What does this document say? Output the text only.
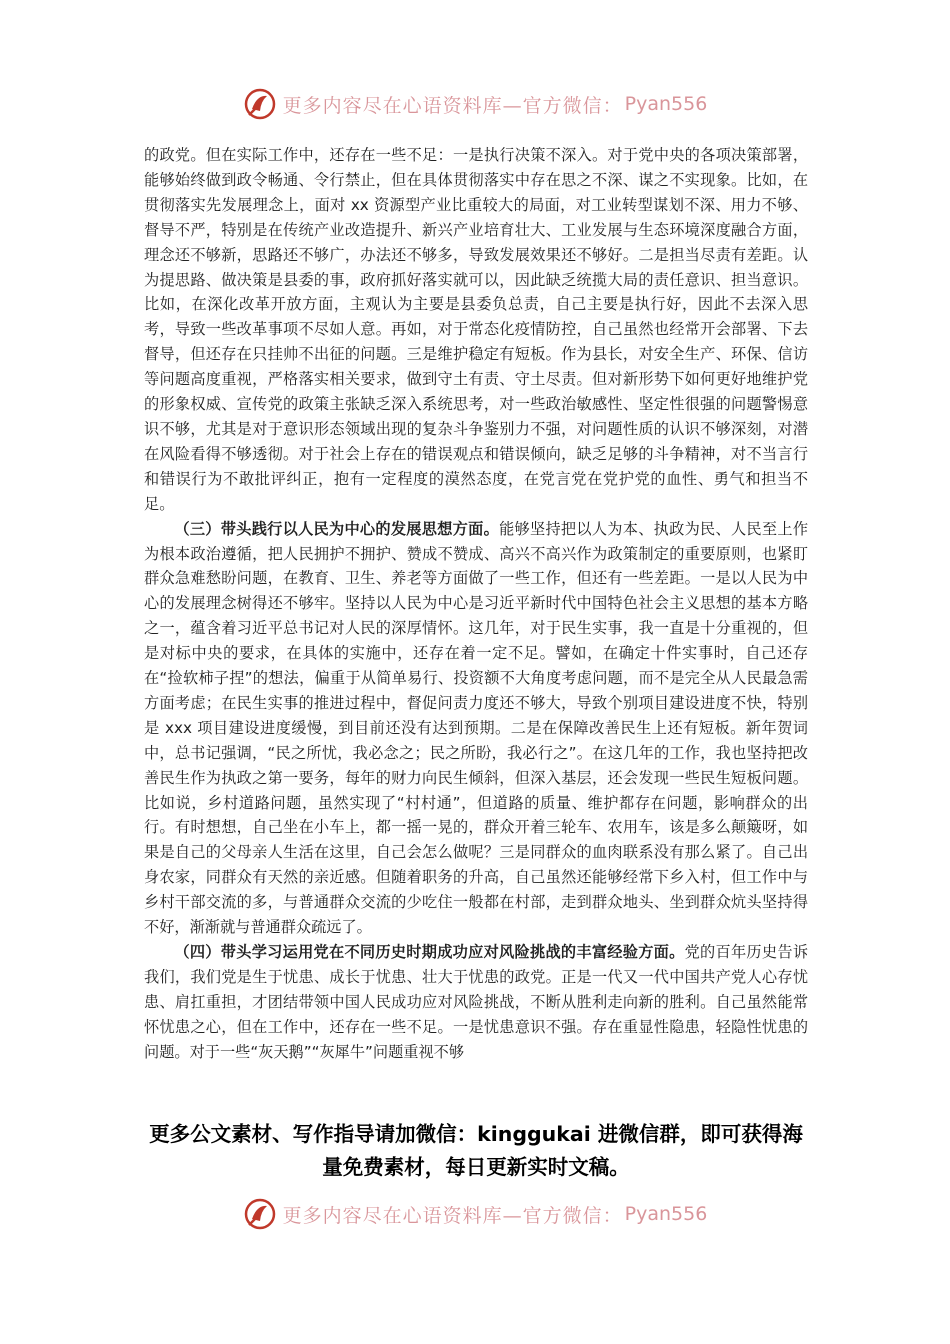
更多内容尽在心语资料库—官方微信： Pyan556

的政党。但在实际工作中，还存在一些不足：一是执行决策不深入。对于党中央的各项决策部署，能够始终做到政令畅通、令行禁止，但在具体贯彻落实中存在思之不深、谋之不实现象。比如，在贯彻落实先发展理念上，面对 xx 资源型产业比重较大的局面，对工业转型谋划不深、用力不够、督导不严，特别是在传统产业改造提升、新兴产业培育壮大、工业发展与生态环境深度融合方面，理念还不够新，思路还不够广，办法还不够多，导致发展效果还不够好。二是担当尽责有差距。认为提思路、做决策是县委的事，政府抓好落实就可以，因此缺乏统揽大局的责任意识、担当意识。比如，在深化改革开放方面，主观认为主要是县委负总责，自己主要是执行好，因此不去深入思考，导致一些改革事项不尽如人意。再如，对于常态化疫情防控，自己虽然也经常开会部署、下去督导，但还存在只挂帅不出征的问题。三是维护稳定有短板。作为县长，对安全生产、环保、信访等问题高度重视，严格落实相关要求，做到守土有责、守土尽责。但对新形势下如何更好地维护党的形象权威、宣传党的政策主张缺乏深入系统思考，对一些政治敏感性、坚定性很强的问题警惕意识不够，尤其是对于意识形态领域出现的复杂斗争鉴别力不强，对问题性质的认识不够深刻，对潜在风险看得不够透彻。对于社会上存在的错误观点和错误倾向，缺乏足够的斗争精神，对不当言行和错误行为不敢批评纠正，抱有一定程度的漠然态度，在党言党在党护党的血性、勇气和担当不足。

（三）带头践行以人民为中心的发展思想方面。能够坚持把以人为本、执政为民、人民至上作为根本政治遵循，把人民拥护不拥护、赞成不赞成、高兴不高兴作为政策制定的重要原则，也紧盯群众急难愁盼问题，在教育、卫生、养老等方面做了一些工作，但还有一些差距。一是以人民为中心的发展理念树得还不够牢。坚持以人民为中心是习近平新时代中国特色社会主义思想的基本方略之一，蕴含着习近平总书记对人民的深厚情怀。这几年，对于民生实事，我一直是十分重视的，但是对标中央的要求，在具体的实施中，还存在着一定不足。譬如，在确定十件实事时，自己还存在“捡软柿子捏”的想法，偏重于从简单易行、投资额不大角度考虑问题，而不是完全从人民最急需方面考虑；在民生实事的推进过程中，督促问责力度还不够大，导致个别项目建设进度不快，特别是 xxx 项目建设进度缓慢，到目前还没有达到预期。二是在保障改善民生上还有短板。新年贺词中，总书记强调，“民之所忧，我必念之；民之所盼，我必行之”。在这几年的工作，我也坚持把改善民生作为执政之第一要务，每年的财力向民生倾斜，但深入基层，还会发现一些民生短板问题。比如说，乡村道路问题，虽然实现了“村村通”，但道路的质量、维护都存在问题，影响群众的出行。有时想想，自己坐在小车上，都一摇一晃的，群众开着三轮车、农用车，该是多么颠簸呀，如果是自己的父母亲人生活在这里，自己会怎么做呢？三是同群众的血肉联系没有那么紧了。自己出身农家，同群众有天然的亲近感。但随着职务的升高，自己虽然还能够经常下乡入村，但工作中与乡村干部交流的多，与普通群众交流的少吃住一般都在村部，走到群众地头、坐到群众炕头坚持得不好，渐渐就与普通群众疏远了。

（四）带头学习运用党在不同历史时期成功应对风险挑战的丰富经验方面。党的百年历史告诉我们，我们党是生于忧患、成长于忧患、壮大于忧患的政党。正是一代又一代中国共产党人心存忧患、肩扛重担，才团结带领中国人民成功应对风险挑战，不断从胜利走向新的胜利。自己虽然能常怀忧患之心，但在工作中，还存在一些不足。一是忧患意识不强。存在重显性隐患，轻隐性忧患的问题。对于一些“灰天鹅”“灰犀牛”问题重视不够

更多公文素材、写作指导请加微信：kinggukai 进微信群，即可获得海量免费素材，每日更新实时文稿。
更多内容尽在心语资料库—官方微信： Pyan556
